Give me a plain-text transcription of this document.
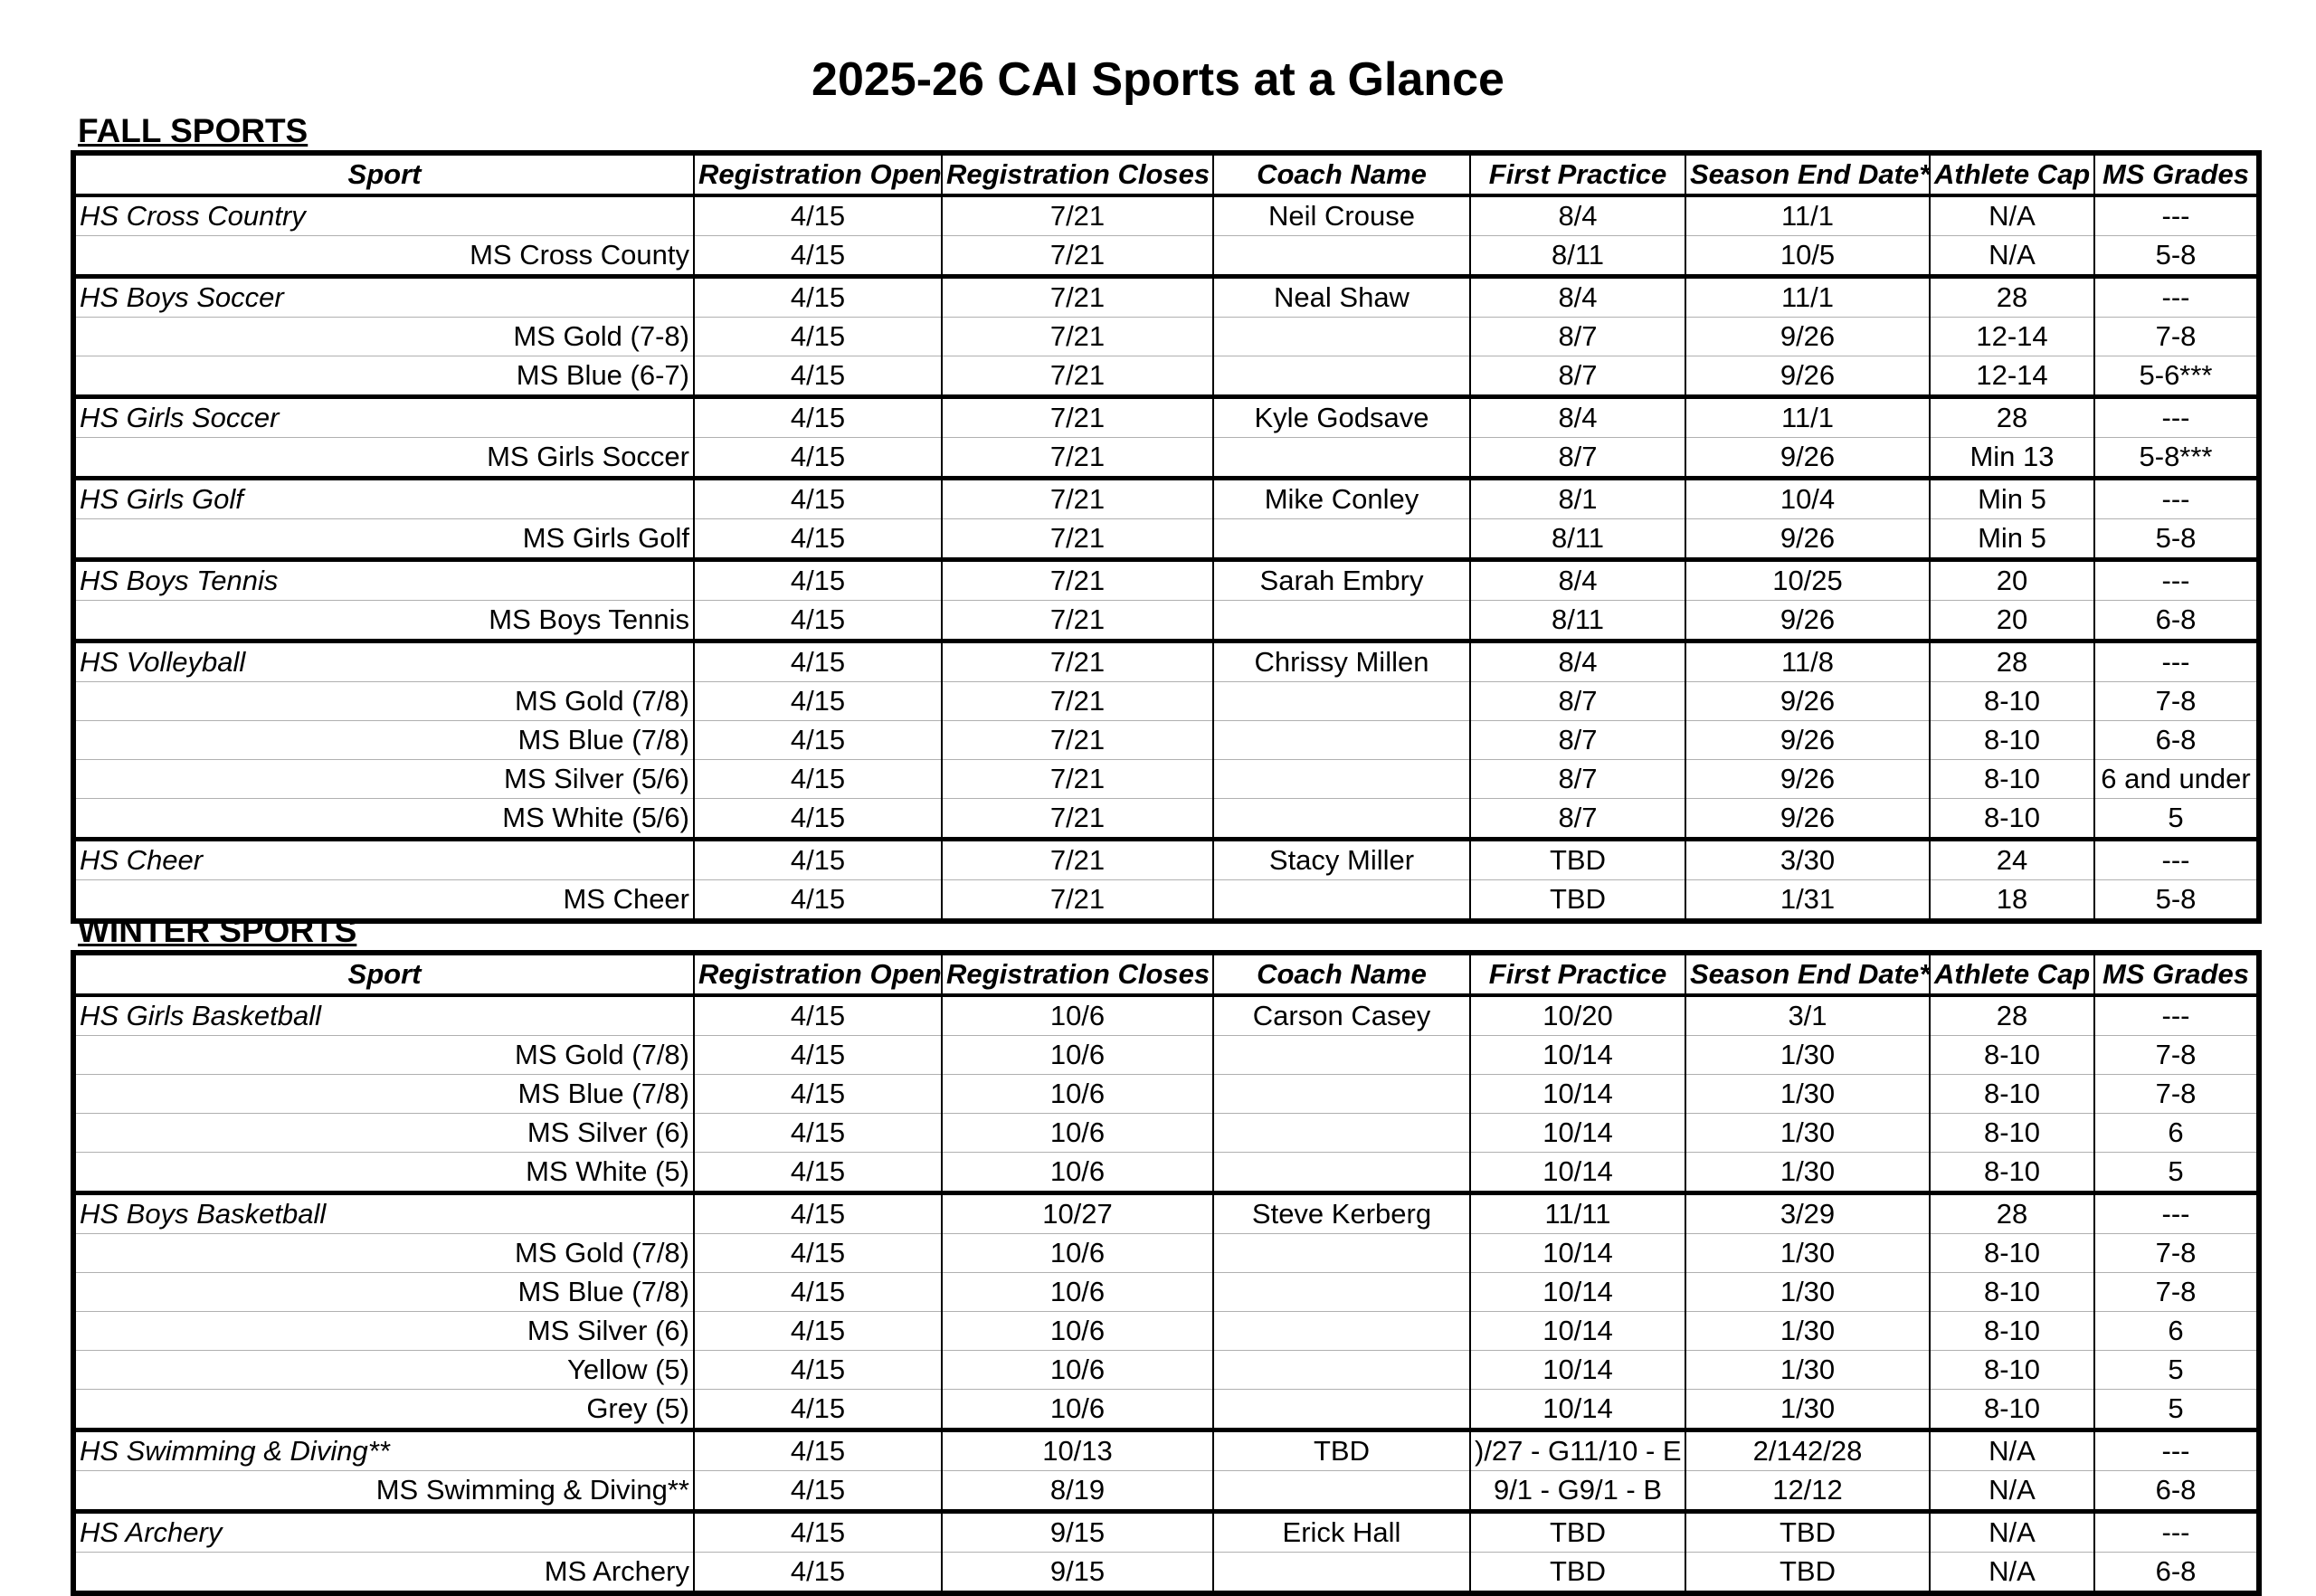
2025-26 CAI Sports at a Glance
FALL SPORTS
Sport	Registration Open	Registration Closes	Coach Name	First Practice	Season End Date*	Athlete Cap	MS Grades
HS Cross Country	4/15	7/21	Neil Crouse	8/4	11/1	N/A	---
MS Cross County	4/15	7/21		8/11	10/5	N/A	5-8
HS Boys Soccer	4/15	7/21	Neal Shaw	8/4	11/1	28	---
MS Gold (7-8)	4/15	7/21		8/7	9/26	12-14	7-8
MS Blue (6-7)	4/15	7/21		8/7	9/26	12-14	5-6***
HS Girls Soccer	4/15	7/21	Kyle Godsave	8/4	11/1	28	---
MS Girls Soccer	4/15	7/21		8/7	9/26	Min 13	5-8***
HS Girls Golf	4/15	7/21	Mike Conley	8/1	10/4	Min 5	---
MS Girls Golf	4/15	7/21		8/11	9/26	Min 5	5-8
HS Boys Tennis	4/15	7/21	Sarah Embry	8/4	10/25	20	---
MS Boys Tennis	4/15	7/21		8/11	9/26	20	6-8
HS Volleyball	4/15	7/21	Chrissy Millen	8/4	11/8	28	---
MS Gold (7/8)	4/15	7/21		8/7	9/26	8-10	7-8
MS Blue (7/8)	4/15	7/21		8/7	9/26	8-10	6-8
MS Silver (5/6)	4/15	7/21		8/7	9/26	8-10	6 and under
MS White (5/6)	4/15	7/21		8/7	9/26	8-10	5
HS Cheer	4/15	7/21	Stacy Miller	TBD	3/30	24	---
MS Cheer	4/15	7/21		TBD	1/31	18	5-8
WINTER SPORTS
Sport	Registration Open	Registration Closes	Coach Name	First Practice	Season End Date*	Athlete Cap	MS Grades
HS Girls Basketball	4/15	10/6	Carson Casey	10/20	3/1	28	---
MS Gold (7/8)	4/15	10/6		10/14	1/30	8-10	7-8
MS Blue (7/8)	4/15	10/6		10/14	1/30	8-10	7-8
MS Silver (6)	4/15	10/6		10/14	1/30	8-10	6
MS White (5)	4/15	10/6		10/14	1/30	8-10	5
HS Boys Basketball	4/15	10/27	Steve Kerberg	11/11	3/29	28	---
MS Gold (7/8)	4/15	10/6		10/14	1/30	8-10	7-8
MS Blue (7/8)	4/15	10/6		10/14	1/30	8-10	7-8
MS Silver (6)	4/15	10/6		10/14	1/30	8-10	6
Yellow (5)	4/15	10/6		10/14	1/30	8-10	5
Grey (5)	4/15	10/6		10/14	1/30	8-10	5
HS Swimming & Diving**	4/15	10/13	TBD	)/27 - G11/10 - E	2/142/28	N/A	---
MS Swimming & Diving**	4/15	8/19		9/1 - G9/1 - B	12/12	N/A	6-8
HS Archery	4/15	9/15	Erick Hall	TBD	TBD	N/A	---
MS Archery	4/15	9/15		TBD	TBD	N/A	6-8
